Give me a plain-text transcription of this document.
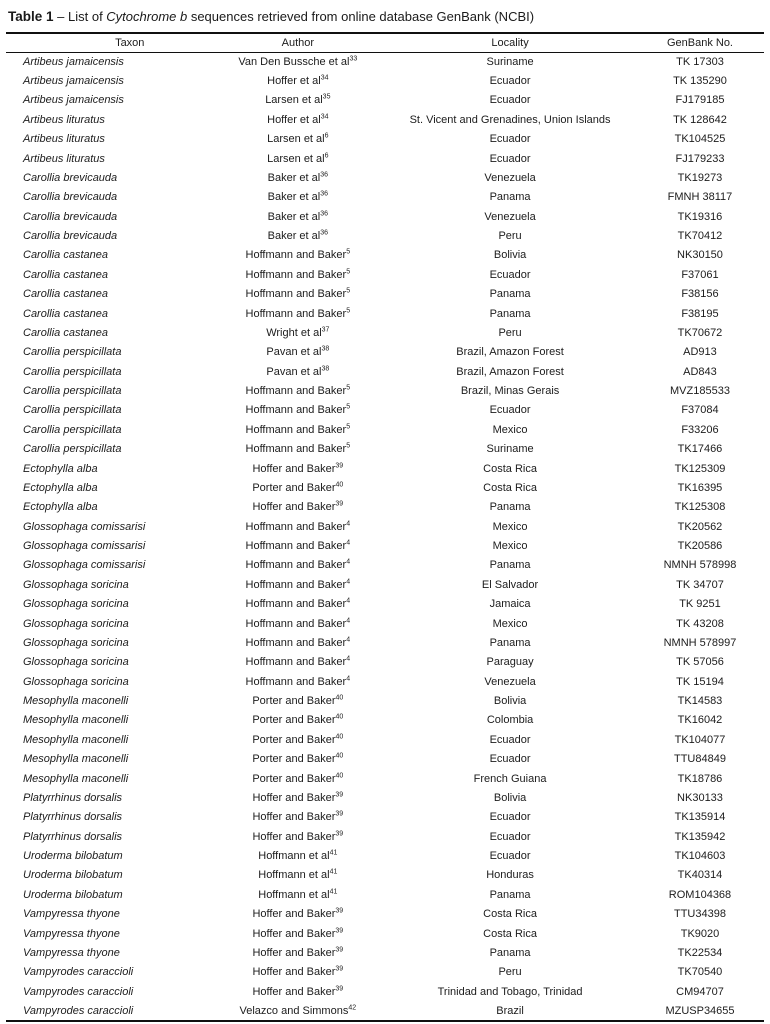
Table 1 – List of Cytochrome b sequences retrieved from online database GenBank (NCBI)
Taxon	Author	Locality	GenBank No.
Artibeus jamaicensis	Van Den Bussche et $al^{33}$	Suriname	TK 17303
Artibeus jamaicensis	Hoffer et $al^{34}$	Ecuador	TK 135290
Artibeus jamaicensis	Larsen et $al^{35}$	Ecuador	FJ179185
Artibeus lituratus	Hoffer et $al^{34}$	St. Vicent and Grenadines, Union Islands	TK 128642
Artibeus lituratus	Larsen et $al^6$	Ecuador	TK104525
Artibeus lituratus	Larsen et $al^6$	Ecuador	FJ179233
Carollia brevicauda	Baker et $al^{36}$	Venezuela	TK19273
Carollia brevicauda	Baker et $al^{36}$	Panama	FMNH 38117
Carollia brevicauda	Baker et $al^{36}$	Venezuela	TK19316
Carollia brevicauda	Baker et $al^{36}$	Peru	TK70412
Carollia castanea	Hoffmann and Baker$^5$	Bolivia	NK30150
Carollia castanea	Hoffmann and Baker$^5$	Ecuador	F37061
Carollia castanea	Hoffmann and Baker$^5$	Panama	F38156
Carollia castanea	Hoffmann and Baker$^5$	Panama	F38195
Carollia castanea	Wright et $al^{37}$	Peru	TK70672
Carollia perspicillata	Pavan et $al^{38}$	Brazil, Amazon Forest	AD913
Carollia perspicillata	Pavan et $al^{38}$	Brazil, Amazon Forest	AD843
Carollia perspicillata	Hoffmann and Baker$^5$	Brazil, Minas Gerais	MVZ185533
Carollia perspicillata	Hoffmann and Baker$^5$	Ecuador	F37084
Carollia perspicillata	Hoffmann and Baker$^5$	Mexico	F33206
Carollia perspicillata	Hoffmann and Baker$^5$	Suriname	TK17466
Ectophylla alba	Hoffer and Baker$^{39}$	Costa Rica	TK125309
Ectophylla alba	Porter and Baker$^{40}$	Costa Rica	TK16395
Ectophylla alba	Hoffer and Baker$^{39}$	Panama	TK125308
Glossophaga comissarisi	Hoffmann and Baker$^4$	Mexico	TK20562
Glossophaga comissarisi	Hoffmann and Baker$^4$	Mexico	TK20586
Glossophaga comissarisi	Hoffmann and Baker$^4$	Panama	NMNH 578998
Glossophaga soricina	Hoffmann and Baker$^4$	El Salvador	TK 34707
Glossophaga soricina	Hoffmann and Baker$^4$	Jamaica	TK 9251
Glossophaga soricina	Hoffmann and Baker$^4$	Mexico	TK 43208
Glossophaga soricina	Hoffmann and Baker$^4$	Panama	NMNH 578997
Glossophaga soricina	Hoffmann and Baker$^4$	Paraguay	TK 57056
Glossophaga soricina	Hoffmann and Baker$^4$	Venezuela	TK 15194
Mesophylla maconelli	Porter and Baker$^{40}$	Bolivia	TK14583
Mesophylla maconelli	Porter and Baker$^{40}$	Colombia	TK16042
Mesophylla maconelli	Porter and Baker$^{40}$	Ecuador	TK104077
Mesophylla maconelli	Porter and Baker$^{40}$	Ecuador	TTU84849
Mesophylla maconelli	Porter and Baker$^{40}$	French Guiana	TK18786
Platyrrhinus dorsalis	Hoffer and Baker$^{39}$	Bolivia	NK30133
Platyrrhinus dorsalis	Hoffer and Baker$^{39}$	Ecuador	TK135914
Platyrrhinus dorsalis	Hoffer and Baker$^{39}$	Ecuador	TK135942
Uroderma bilobatum	Hoffmann et $al^{41}$	Ecuador	TK104603
Uroderma bilobatum	Hoffmann et $al^{41}$	Honduras	TK40314
Uroderma bilobatum	Hoffmann et $al^{41}$	Panama	ROM104368
Vampyressa thyone	Hoffer and Baker$^{39}$	Costa Rica	TTU34398
Vampyressa thyone	Hoffer and Baker$^{39}$	Costa Rica	TK9020
Vampyressa thyone	Hoffer and Baker$^{39}$	Panama	TK22534
Vampyrodes caraccioli	Hoffer and Baker$^{39}$	Peru	TK70540
Vampyrodes caraccioli	Hoffer and Baker$^{39}$	Trinidad and Tobago, Trinidad	CM94707
Vampyrodes caraccioli	Velazco and Simmons$^{42}$	Brazil	MZUSP34655
